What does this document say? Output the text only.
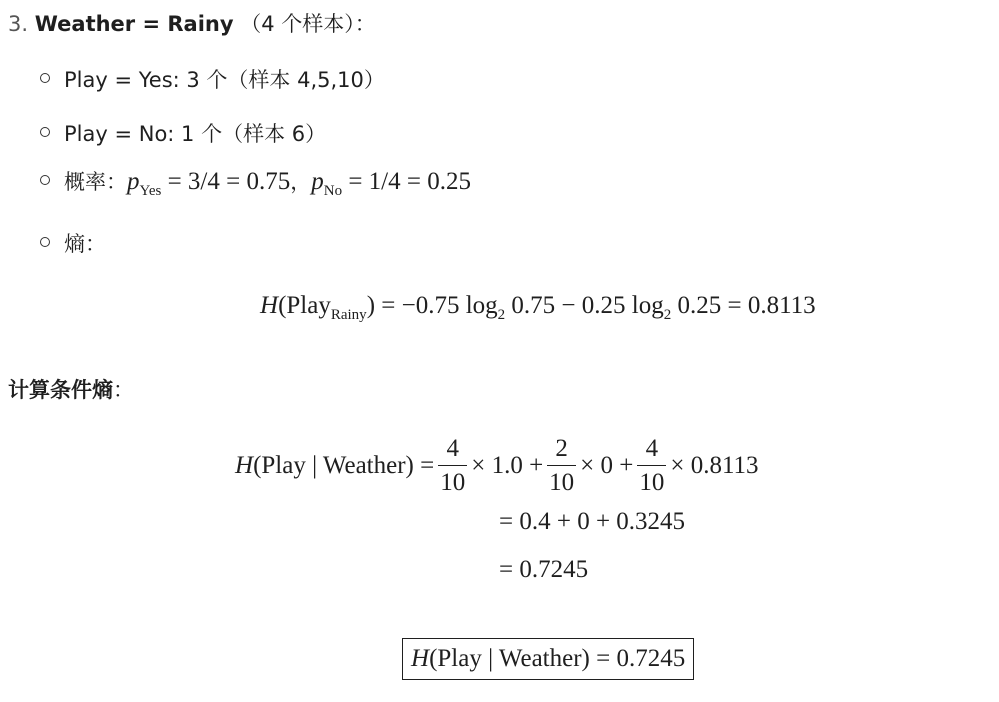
3. Weather = Rainy （4 个样本）：
Play = Yes: 3 个（样本 4,5,10）
Play = No: 1 个（样本 6）
概率：$p_{Yes} = 3/4 = 0.75$，$p_{No} = 1/4 = 0.25$
熵：
H(Play$_{Rainy}$) = −0.75 $\log_2 0.75 - 0.25$ $\log_2 0.25 = 0.8113$
计算条件熵：
H (Play | Weather) = $\frac{4}{10} \times 1.0 + \frac{2}{10} \times 0 + \frac{4}{10} \times 0.8113$
= 0.4 + 0 + 0.3245
= 0.7245
H(Play | Weather) = 0.7245
